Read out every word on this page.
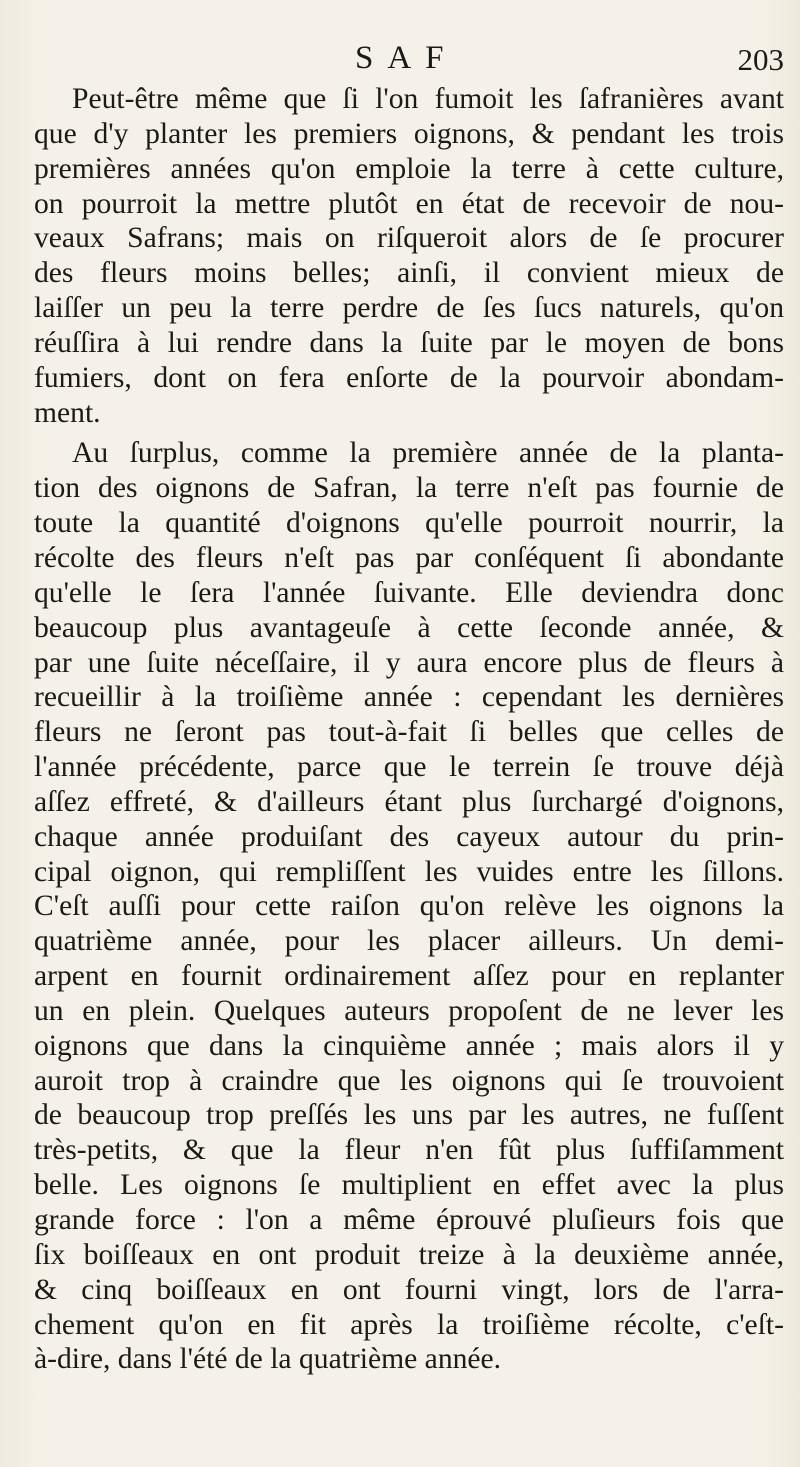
SAF	203
Peut-être même que ſi l'on fumoit les ſafranières avant
que d'y planter les premiers oignons, & pendant les trois
premières années qu'on emploie la terre à cette culture,
on pourroit la mettre plutôt en état de recevoir de nou-
veaux Safrans; mais on riſqueroit alors de ſe procurer
des fleurs moins belles; ainſi, il convient mieux de
laiſſer un peu la terre perdre de ſes ſucs naturels, qu'on
réuſſira à lui rendre dans la ſuite par le moyen de bons
fumiers, dont on fera enſorte de la pourvoir abondam-
ment.
Au ſurplus, comme la première année de la planta-
tion des oignons de Safran, la terre n'eſt pas fournie de
toute la quantité d'oignons qu'elle pourroit nourrir, la
récolte des fleurs n'eſt pas par conſéquent ſi abondante
qu'elle le ſera l'année ſuivante. Elle deviendra donc
beaucoup plus avantageuſe à cette ſeconde année, &
par une ſuite néceſſaire, il y aura encore plus de fleurs à
recueillir à la troiſième année : cependant les dernières
fleurs ne ſeront pas tout-à-fait ſi belles que celles de
l'année précédente, parce que le terrein ſe trouve déjà
aſſez effreté, & d'ailleurs étant plus ſurchargé d'oignons,
chaque année produiſant des cayeux autour du prin-
cipal oignon, qui rempliſſent les vuides entre les ſillons.
C'eſt auſſi pour cette raiſon qu'on relève les oignons la
quatrième année, pour les placer ailleurs. Un demi-
arpent en fournit ordinairement aſſez pour en replanter
un en plein. Quelques auteurs propoſent de ne lever les
oignons que dans la cinquième année ; mais alors il y
auroit trop à craindre que les oignons qui ſe trouvoient
de beaucoup trop preſſés les uns par les autres, ne fuſſent
très-petits, & que la fleur n'en fût plus ſuffiſamment
belle. Les oignons ſe multiplient en effet avec la plus
grande force : l'on a même éprouvé pluſieurs fois que
ſix boiſſeaux en ont produit treize à la deuxième année,
& cinq boiſſeaux en ont fourni vingt, lors de l'arra-
chement qu'on en fit après la troiſième récolte, c'eſt-
à-dire, dans l'été de la quatrième année.
